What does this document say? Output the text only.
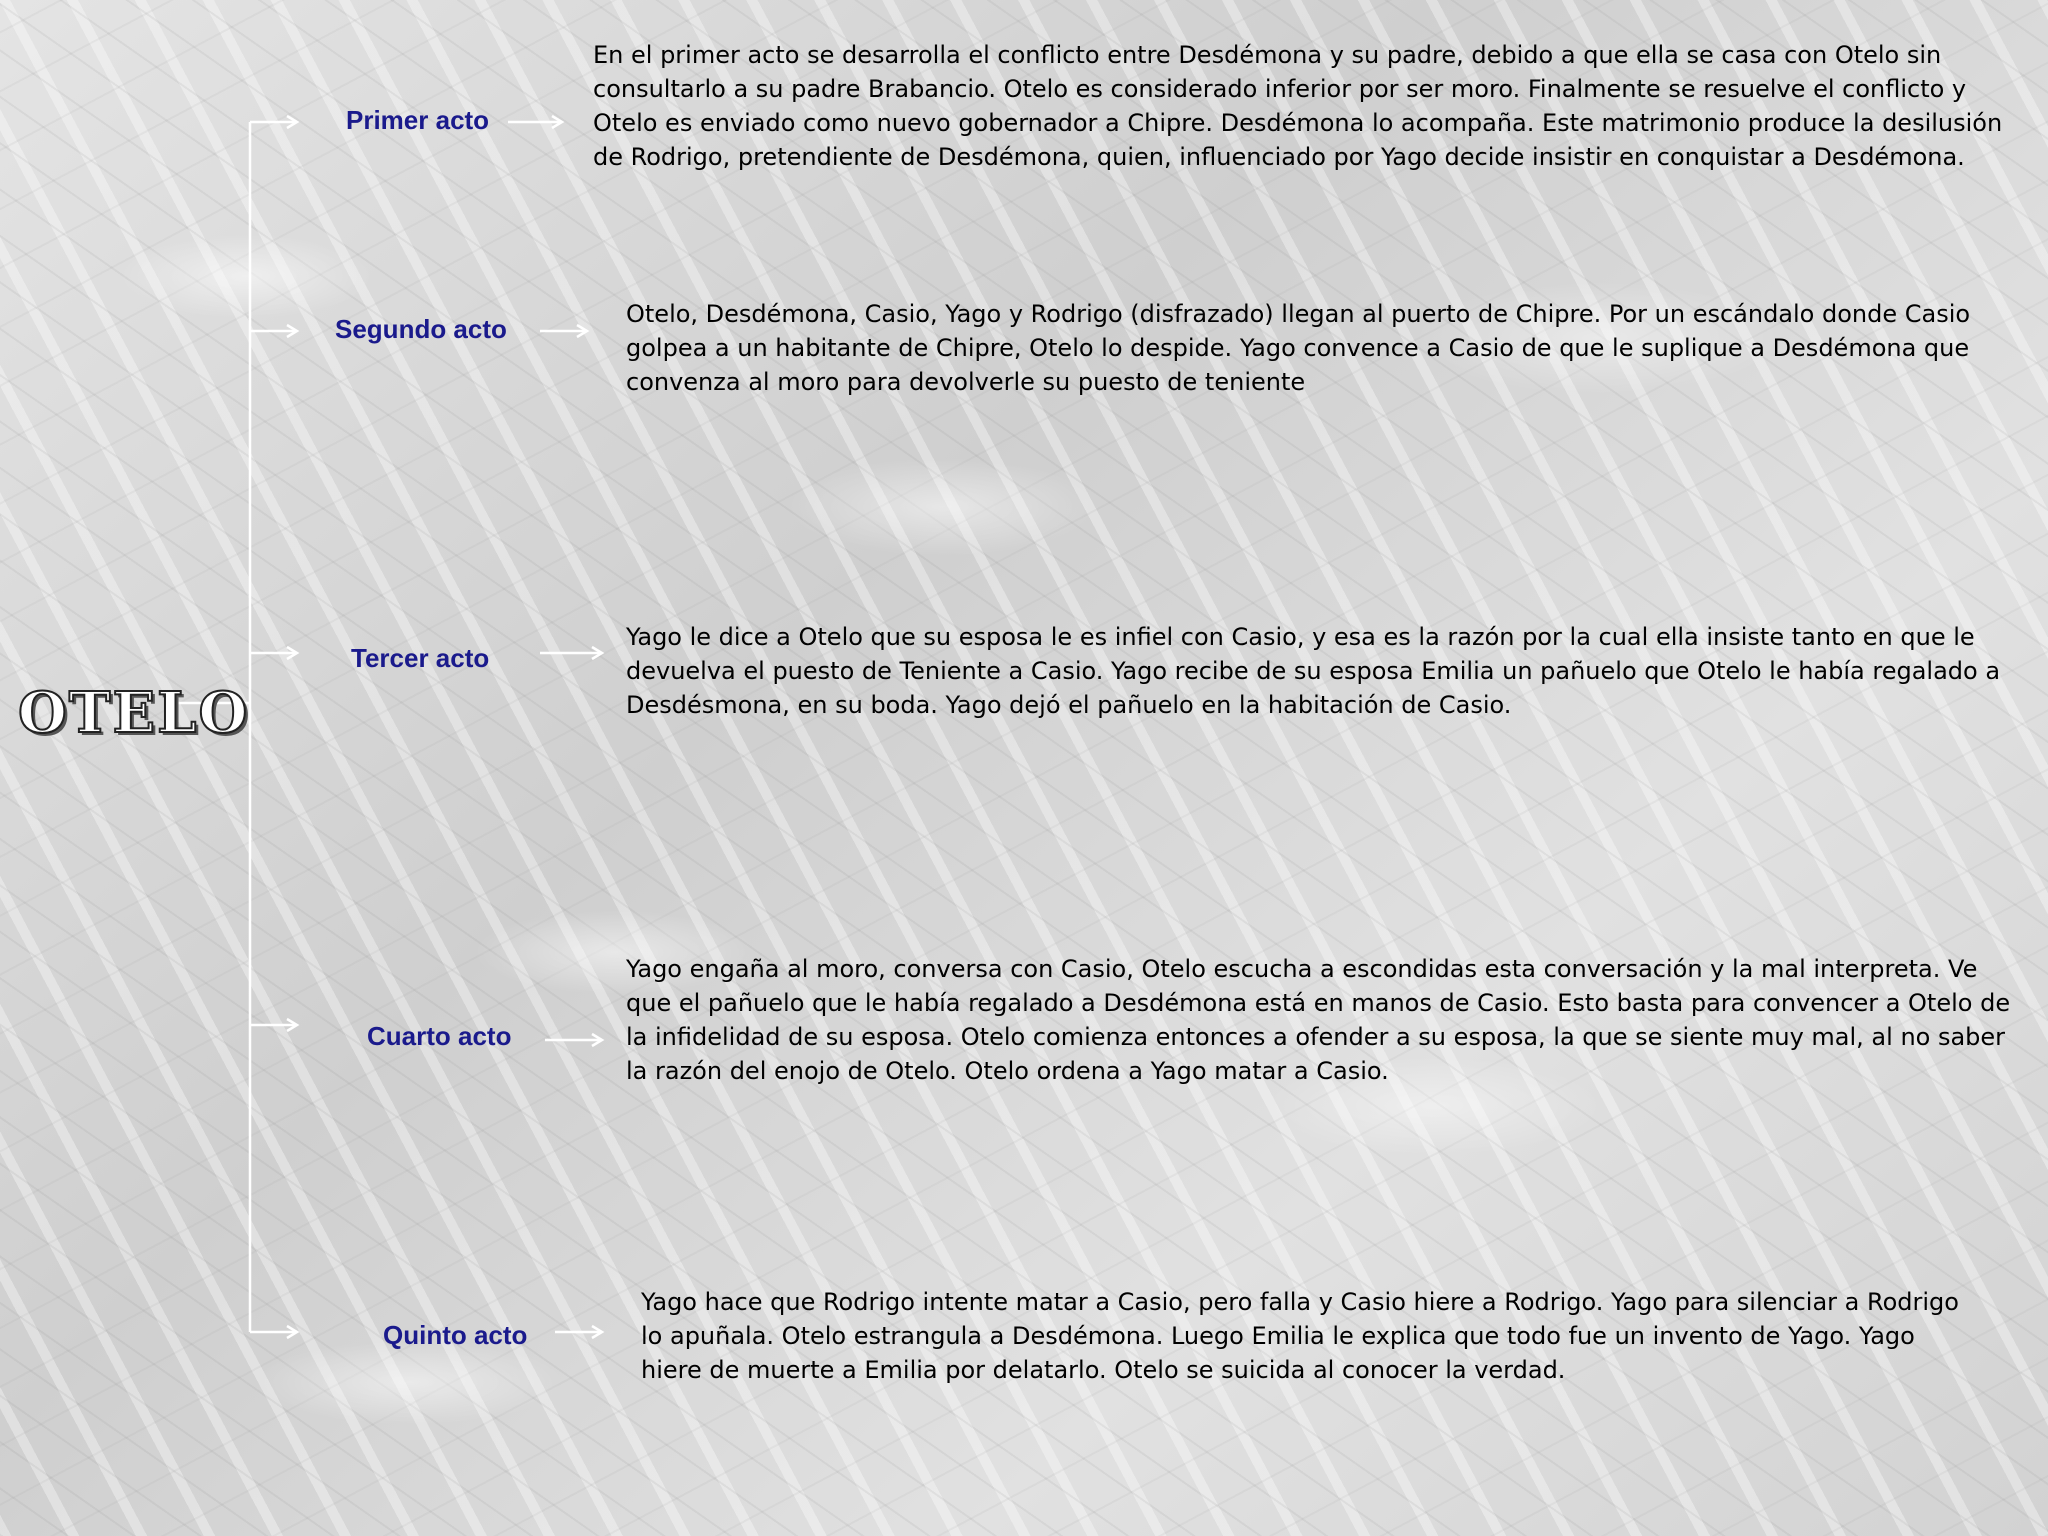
OTELO

Primer acto

En el primer acto se desarrolla el conflicto entre Desdémona y su padre, debido a que ella se casa con Otelo sin consultarlo a su padre Brabancio. Otelo es considerado inferior por ser moro. Finalmente se resuelve el conflicto y Otelo es enviado como nuevo gobernador a Chipre. Desdémona lo acompaña. Este matrimonio produce la desilusión de Rodrigo, pretendiente de Desdémona, quien, influenciado por Yago decide insistir en conquistar a Desdémona.

Segundo acto	Otelo, Desdémona, Casio, Yago y Rodrigo (disfrazado) llegan al puerto de Chipre. Por un escándalo donde Casio golpea a un habitante de Chipre, Otelo lo despide. Yago convence a Casio de que le suplique a Desdémona que convenza al moro para devolverle su puesto de teniente

Tercer acto

Yago le dice a Otelo que su esposa le es infiel con Casio, y esa es la razón por la cual ella insiste tanto en que le devuelva el puesto de Teniente a Casio. Yago recibe de su esposa Emilia un pañuelo que Otelo le había regalado a Desdésmona, en su boda. Yago dejó el pañuelo en la habitación de Casio.

Cuarto acto

Yago engaña al moro, conversa con Casio, Otelo escucha a escondidas esta conversación y la mal interpreta. Ve que el pañuelo que le había regalado a Desdémona está en manos de Casio. Esto basta para convencer a Otelo de la infidelidad de su esposa. Otelo comienza entonces a ofender a su esposa, la que se siente muy mal, al no saber la razón del enojo de Otelo. Otelo ordena a Yago matar a Casio.

Quinto acto

Yago hace que Rodrigo intente matar a Casio, pero falla y Casio hiere a Rodrigo. Yago para silenciar a Rodrigo lo apuñala. Otelo estrangula a Desdémona. Luego Emilia le explica que todo fue un invento de Yago. Yago hiere de muerte a Emilia por delatarlo. Otelo se suicida al conocer la verdad.
